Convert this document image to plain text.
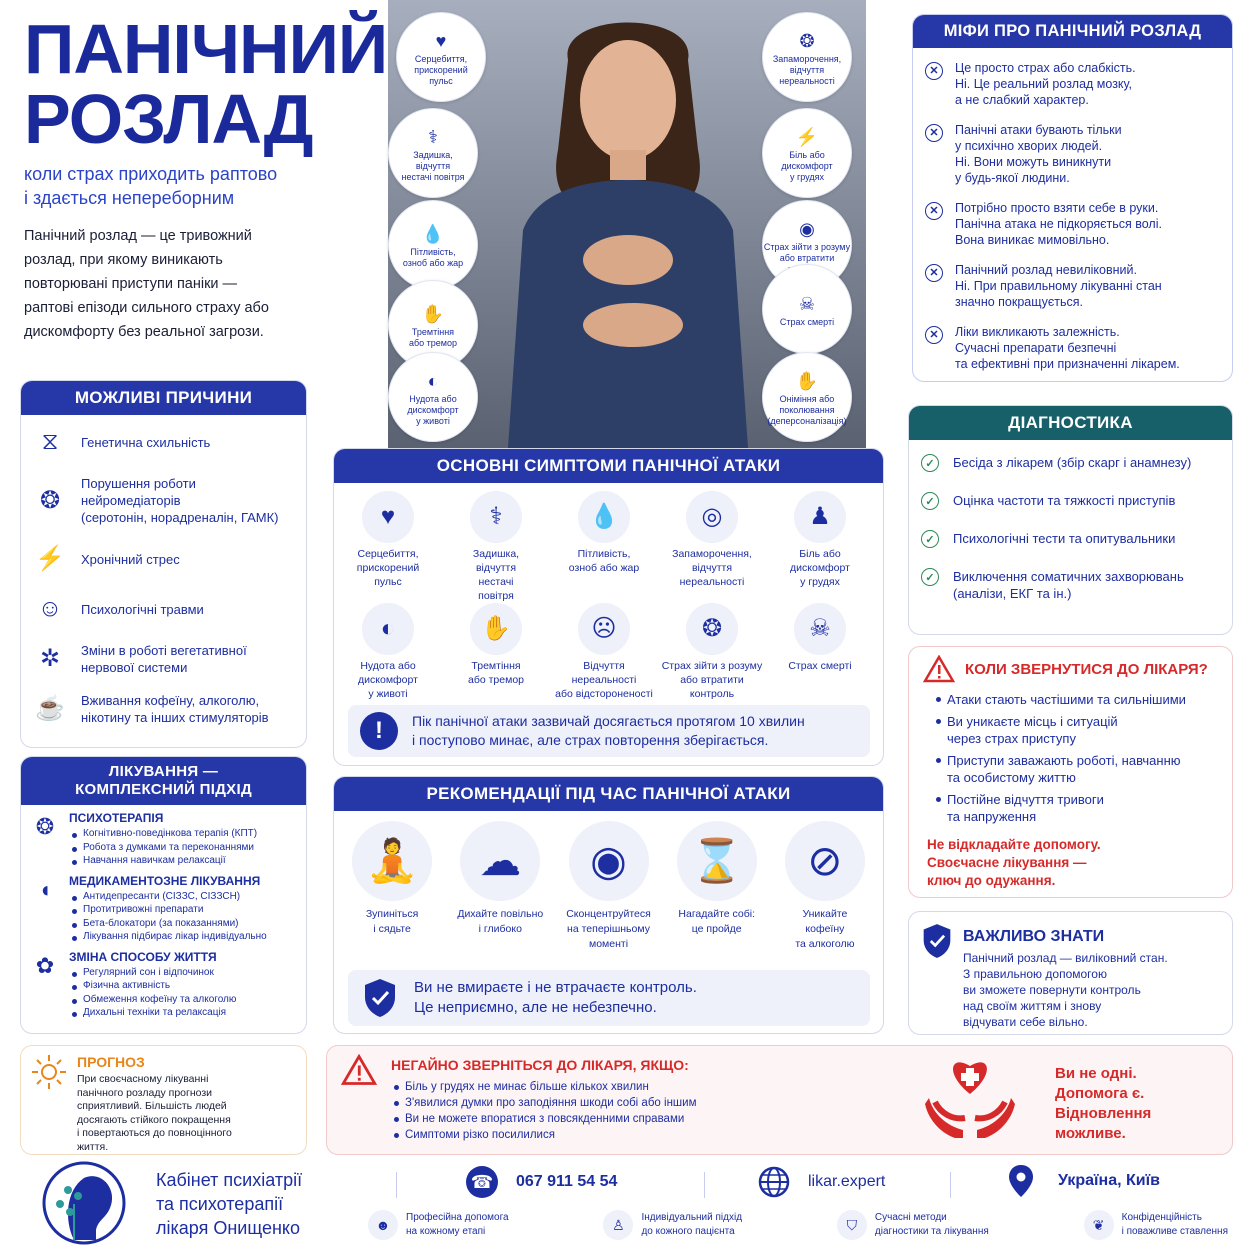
ПАНІЧНИЙ
РОЗЛАД
коли страх приходить раптово
і здається непереборним
Панічний розлад — це тривожний
розлад, при якому виникають
повторювані приступи паніки —
раптові епізоди сильного страху або
дискомфорту без реальної загрози.
♥
Серцебиття,
прискорений
пульс
⚕
Задишка,
відчуття
нестачі повітря
💧
Пітливість,
озноб або жар
✋
Тремтіння
або тремор
◐
Нудота або
дискомфорт
у животі
❂
Запаморочення,
відчуття
нереальності
⚡
Біль або
дискомфорт
у грудях
◉
Страх зійти з розуму
або втратити
☠
Страх смерті
✋
Оніміння або
поколювання
(деперсоналізація)
МІФИ ПРО ПАНІЧНИЙ РОЗЛАД
✕	Це просто страх або слабкість.
Ні. Це реальний розлад мозку,
а не слабкий характер.
✕	Панічні атаки бувають тільки
у психічно хворих людей.
Ні. Вони можуть виникнути
у будь-якої людини.
✕	Потрібно просто взяти себе в руки.
Панічна атака не підкоряється волі.
Вона виникає мимовільно.
✕	Панічний розлад невиліковний.
Ні. При правильному лікуванні стан
значно покращується.
✕	Ліки викликають залежність.
Сучасні препарати безпечні
та ефективні при призначенні лікарем.
МОЖЛИВІ ПРИЧИНИ
⧖	Генетична схильність
❂
Порушення роботи
нейромедіаторів
(серотонін, норадреналін, ГАМК)
⚡ Хронічний стрес
☺	Психологічні травми
✲	Зміни в роботі вегетативної
нервової системи
☕ Вживання кофеїну, алкоголю,
нікотину та інших стимуляторів
ОСНОВНІ СИМПТОМИ ПАНІЧНОЇ АТАКИ
♥
Серцебиття,
прискорений
пульс
⚕
Задишка,
відчуття
нестачі
повітря
💧
Пітливість,
озноб або жар
◎
Запаморочення,
відчуття
нереальності
♟
Біль або
дискомфорт
у грудях
◐
Нудота або
дискомфорт
у животі
✋
Тремтіння
або тремор
☹
Відчуття
нереальності
або відстороненості
❂
Страх зійти з розуму
або втратити
контроль
☠
Страх смерті
!	Пік панічної атаки зазвичай досягається протягом 10 хвилин
і поступово минає, але страх повторення зберігається.
ДІАГНОСТИКА
✓	Бесіда з лікарем (збір скарг і анамнезу)
✓	Оцінка частоти та тяжкості приступів
✓	Психологічні тести та опитувальники
✓	Виключення соматичних захворювань
(аналізи, ЕКГ та ін.)
КОЛИ ЗВЕРНУТИСЯ ДО ЛІКАРЯ?
Атаки стають частішими та сильнішими
Ви уникаєте місць і ситуацій
через страх приступу
Приступи заважають роботі, навчанню
та особистому життю
Постійне відчуття тривоги
та напруження
Не відкладайте допомогу.
Своєчасне лікування —
ключ до одужання.
ЛІКУВАННЯ —
КОМПЛЕКСНИЙ ПІДХІД
❂	ПСИХОТЕРАПІЯ
Когнітивно-поведінкова терапія (КПТ)
Робота з думками та переконаннями
Навчання навичкам релаксації
◖	МЕДИКАМЕНТОЗНЕ ЛІКУВАННЯ
Антидепресанти (СІЗЗС, СІЗЗСН)
Протитривожні препарати
Бета-блокатори (за показаннями)
Лікування підбирає лікар індивідуально
✿	ЗМІНА СПОСОБУ ЖИТТЯ
Регулярний сон і відпочинок
Фізична активність
Обмеження кофеїну та алкоголю
Дихальні техніки та релаксація
РЕКОМЕНДАЦІЇ ПІД ЧАС ПАНІЧНОЇ АТАКИ
🧘
Зупиніться
і сядьте
☁
Дихайте повільно
і глибоко
◉
Сконцентруйтеся
на теперішньому
моменті
⌛
Нагадайте собі:
це пройде
⊘
Уникайте
кофеїну
та алкоголю
Ви не вмираєте і не втрачаєте контроль.
Це неприємно, але не небезпечно.
ВАЖЛИВО ЗНАТИ
Панічний розлад — виліковний стан.
З правильною допомогою
ви зможете повернути контроль
над своїм життям і знову
відчувати себе вільно.
ПРОГНОЗ
При своєчасному лікуванні
панічного розладу прогнози
сприятливий. Більшість людей
досягають стійкого покращення
і повертаються до повноцінного
життя.
НЕГАЙНО ЗВЕРНІТЬСЯ ДО ЛІКАРЯ, ЯКЩО:
Біль у грудях не минає більше кількох хвилин
З'явилися думки про заподіяння шкоди собі або іншим
Ви не можете впоратися з повсякденними справами
Симптоми різко посилилися
Ви не одні.
Допомога є.
Відновлення
можливе.
Кабінет психіатрії
та психотерапії
лікаря Онищенко
☎ 067 911 54 54	likar.expert	Україна, Київ
☻ Професійна допомога
на кожному етапі	♙	Індивідуальний підхід
до кожного пацієнта	⛉	Сучасні методи
діагностики та лікування	❦	Конфіденційність
і поважливе ставлення
